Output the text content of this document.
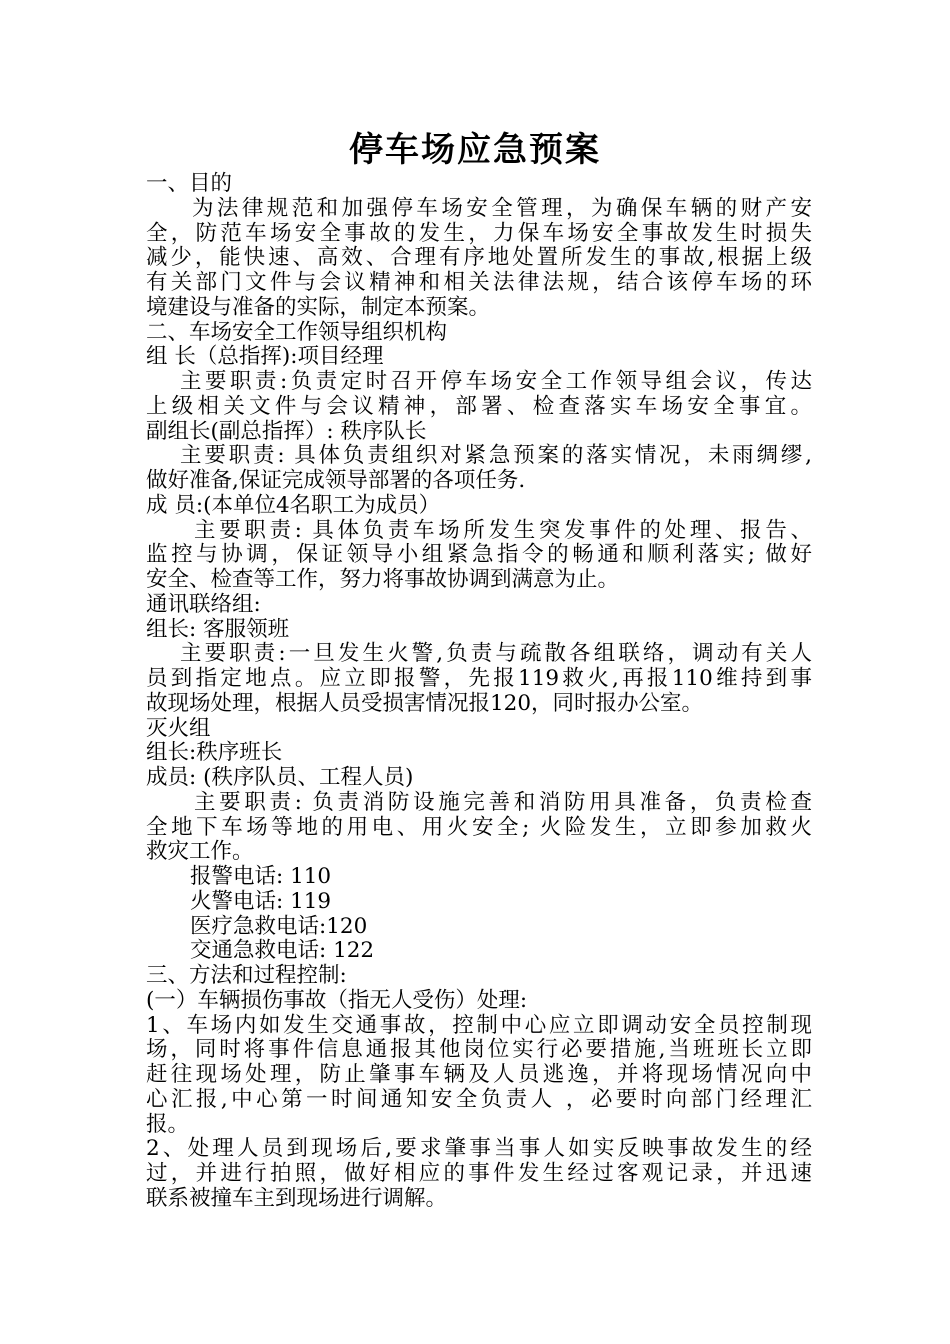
停车场应急预案
一、目的
为法律规范和加强停车场安全管理，为确保车辆的财产安
全，防范车场安全事故的发生，力保车场安全事故发生时损失
减少，能快速、高效、合理有序地处置所发生的事故,根据上级
有关部门文件与会议精神和相关法律法规，结合该停车场的环
境建设与准备的实际，制定本预案。
二、车场安全工作领导组织机构
组 长（总指挥):项目经理
主要职责:负责定时召开停车场安全工作领导组会议，传达
上级相关文件与会议精神，部署、检查落实车场安全事宜。
副组长(副总指挥）: 秩序队长
主要职责: 具体负责组织对紧急预案的落实情况，未雨绸缪,
做好准备,保证完成领导部署的各项任务.
成 员:(本单位4名职工为成员）
主要职责: 具体负责车场所发生突发事件的处理、报告、
监控与协调，保证领导小组紧急指令的畅通和顺利落实; 做好
安全、检查等工作，努力将事故协调到满意为止。
通讯联络组:
组长: 客服领班
主要职责:一旦发生火警,负责与疏散各组联络，调动有关人
员到指定地点。应立即报警，先报119救火,再报110维持到事
故现场处理，根据人员受损害情况报120，同时报办公室。
灭火组
组长:秩序班长
成员: (秩序队员、工程人员)
主要职责: 负责消防设施完善和消防用具准备，负责检查
全地下车场等地的用电、用火安全; 火险发生，立即参加救火
救灾工作。
报警电话: 110
火警电话: 119
医疗急救电话:120
交通急救电话: 122
三、方法和过程控制:
(一）车辆损伤事故（指无人受伤）处理:
1、车场内如发生交通事故，控制中心应立即调动安全员控制现
场，同时将事件信息通报其他岗位实行必要措施,当班班长立即
赶往现场处理，防止肇事车辆及人员逃逸，并将现场情况向中
心汇报,中心第一时间通知安全负责人 ，必要时向部门经理汇
报。
2、处理人员到现场后,要求肇事当事人如实反映事故发生的经
过，并进行拍照，做好相应的事件发生经过客观记录，并迅速
联系被撞车主到现场进行调解。
